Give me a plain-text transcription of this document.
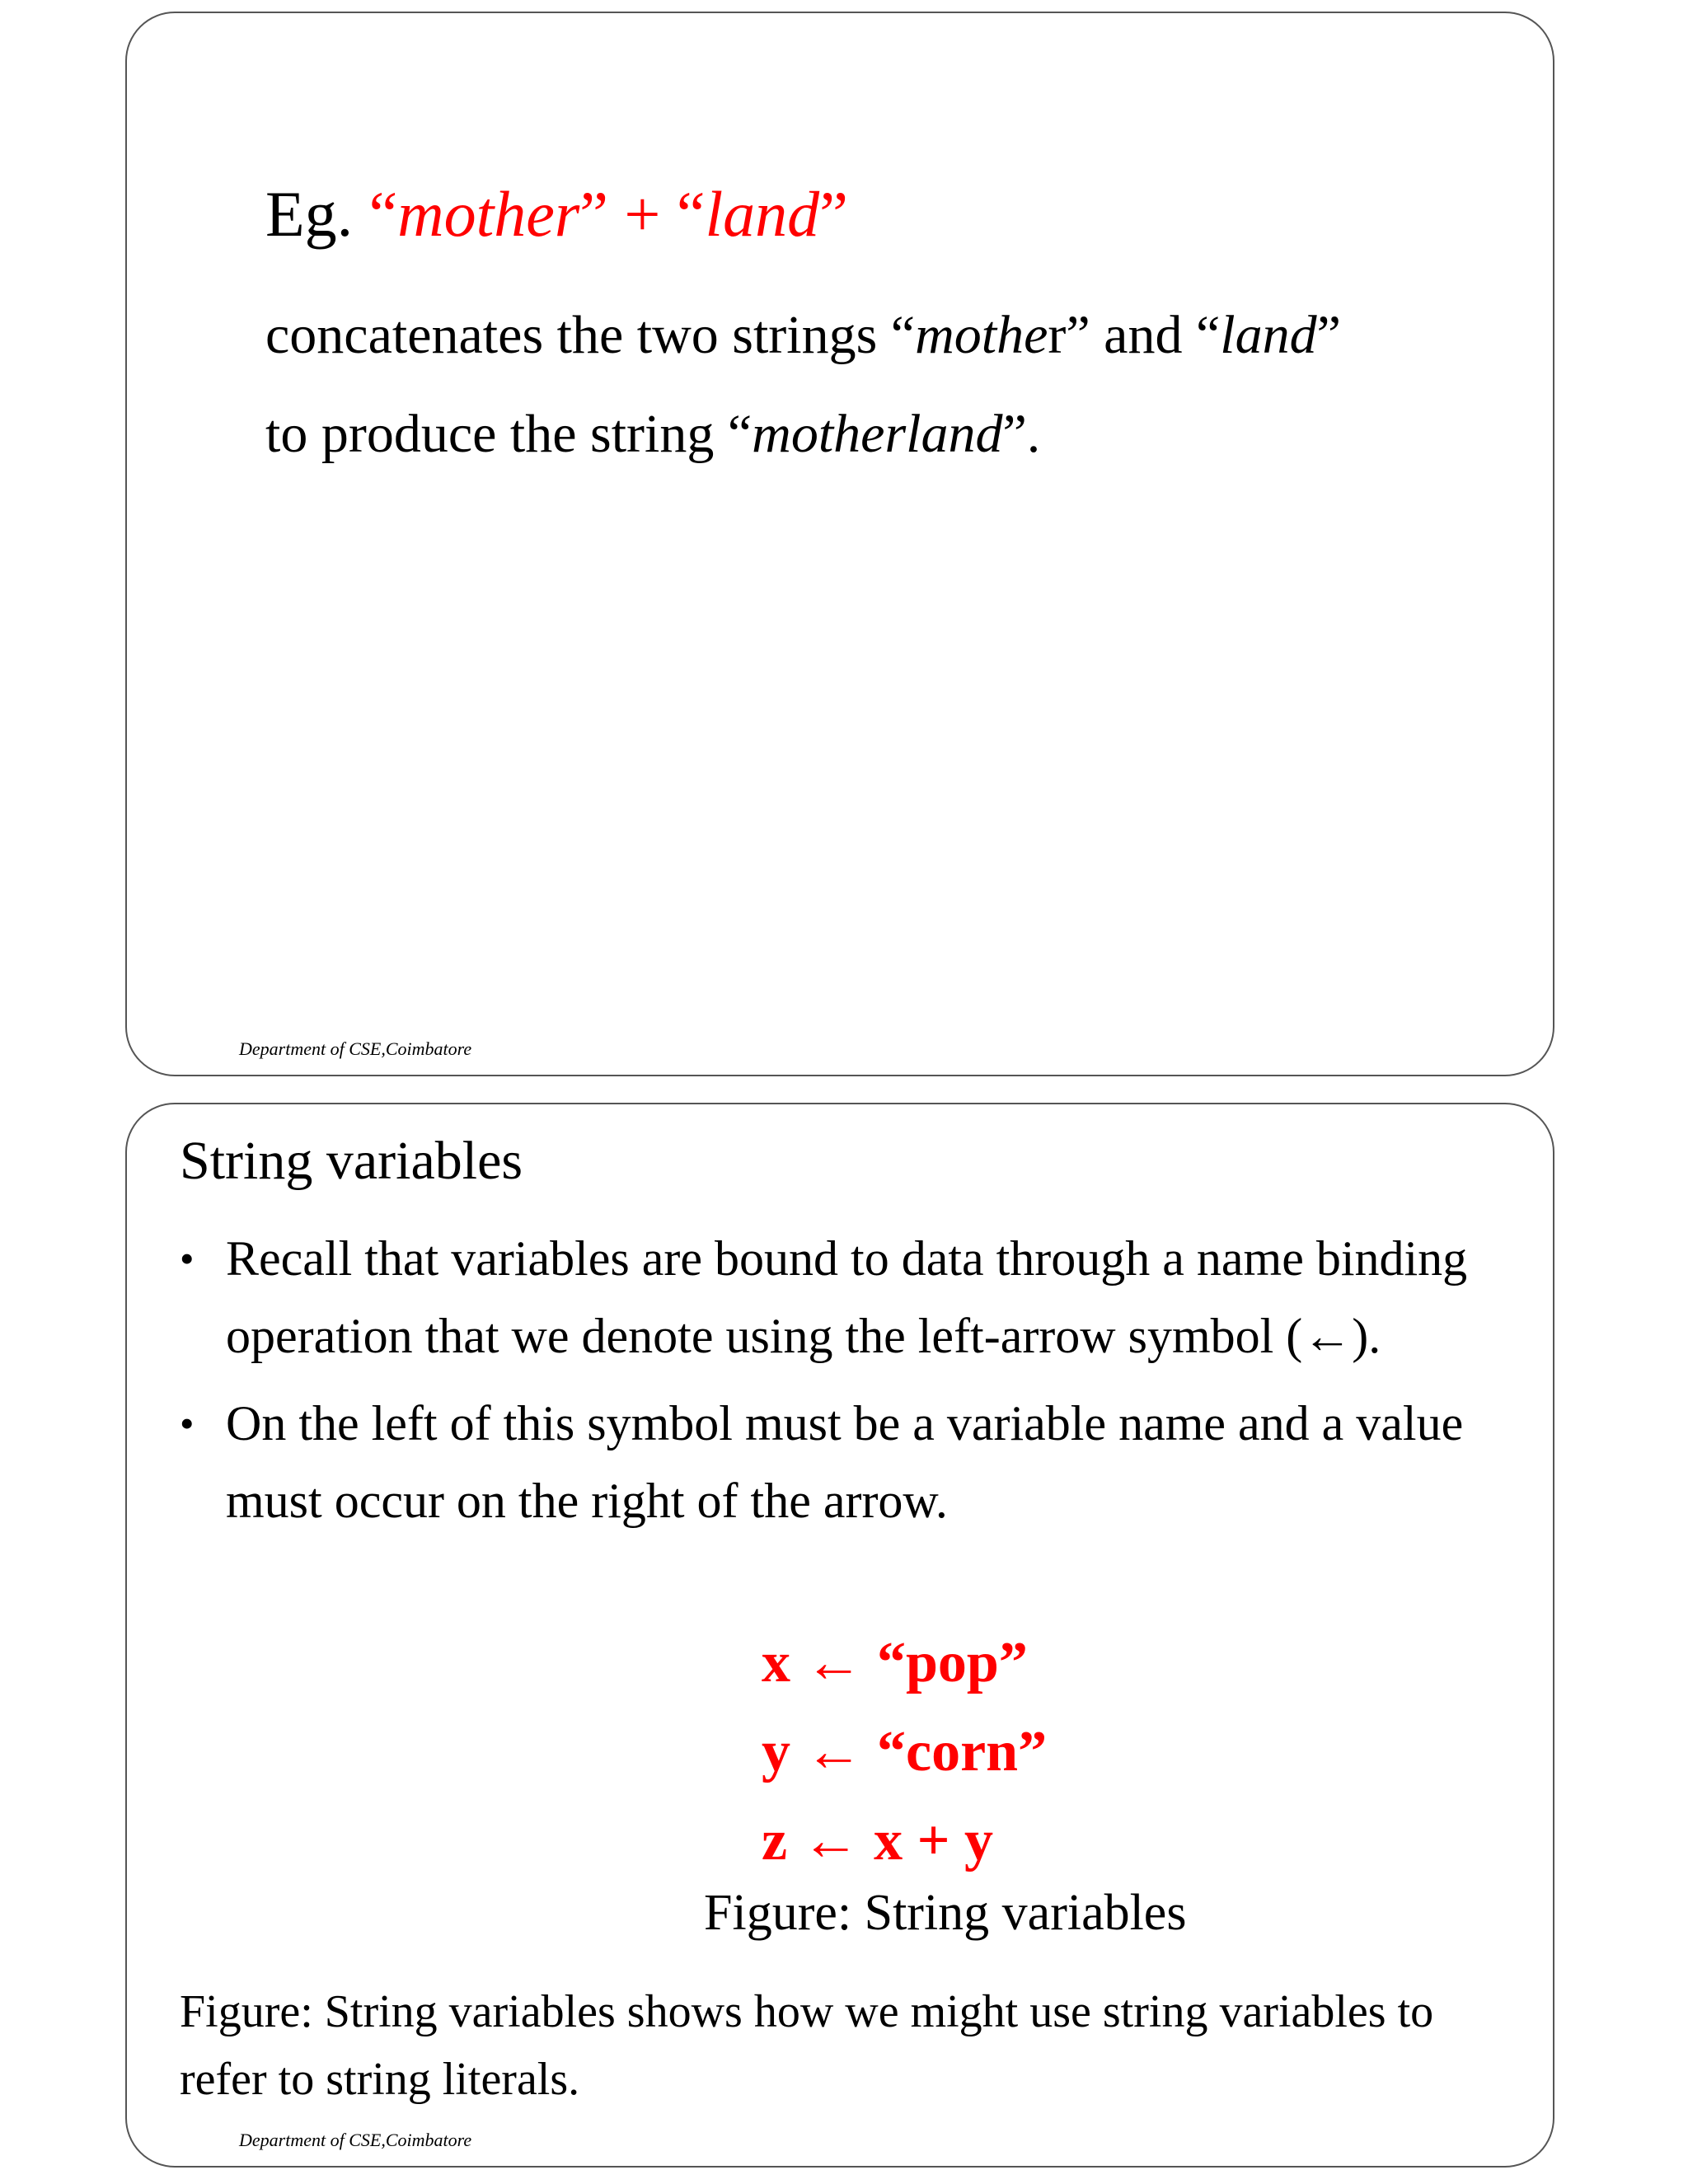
Eg. “mother” + “land”
concatenates the two strings “mother” and “land”
to produce the string “motherland”.
Department of CSE,Coimbatore
String variables
• Recall that variables are bound to data through a name binding operation that we denote using the left-arrow symbol (←).
• On the left of this symbol must be a variable name and a value must occur on the right of the arrow.
x ← “pop”
y ← “corn”
z ← x + y
Figure: String variables
Figure: String variables shows how we might use string variables to refer to string literals.
Department of CSE,Coimbatore
